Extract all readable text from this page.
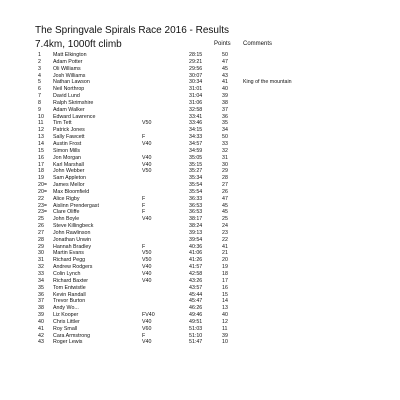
The Springvale Spirals Race 2016 - Results
7.4km, 1000ft climb	Points Comments
1	Matt Elkington	28:15	50
2	Adam Potter	29:21	47
3	Oli Williams	29:56	45
4	Josh Williams	30:07	43
5	Nathan Lawson	30:34	41	King of the mountain
6	Neil Northrop	31:01	40
7	David Lund	31:04	39
8	Ralph Skrimshire	31:06	38
9	Adam Walker	32:58	37
10	Edward Lawrence	33:41	36
11	Tim Tett	V50	33:46	35
12	Patrick Jones	34:15	34
13	Sally Fawcett	F	34:33	50
14	Austin Frost	V40	34:57	33
15	Simon Mills	34:59	32
16	Jon Morgan	V40	35:05	31
17	Karl Marshall	V40	35:15	30
18	John Webber	V50	35:27	29
19	Sam Appleton	35:34	28
20=	James Mellor	35:54	27
20=	Max Bloomfield	35:54	26
22	Alice Rigby	F	36:33	47
23=	Aislinn Prendergast	F	36:53	45
23=	Clare Oliffe	F	36:53	45
25	John Boyle	V40	38:17	25
26	Steve Killingbeck	38:24	24
27	John Rawlinson	39:13	23
28	Jonathan Unwin	39:54	22
29	Hannah Bradley	F	40:36	41
30	Martin Evans	V50	41:06	21
31	Richard Pegg	V50	41:26	20
32	Andrew Rodgers	V40	41:57	19
33	Colin Lynch	V40	42:58	18
34	Richard Baxter	V40	43:26	17
35	Tom Entwistle	43:57	16
36	Kevin Randall	45:44	15
37	Trevor Burton	45:47	14
38	Andy Wo...	46:26	13
39	Liz Kooper	FV40	49:46	40
40	Chris Littler	V40	49:51	12
41	Roy Small	V60	51:03	11
42	Cara Armstrong	F	51:10	39
43	Roger Lewis	V40	51:47	10
